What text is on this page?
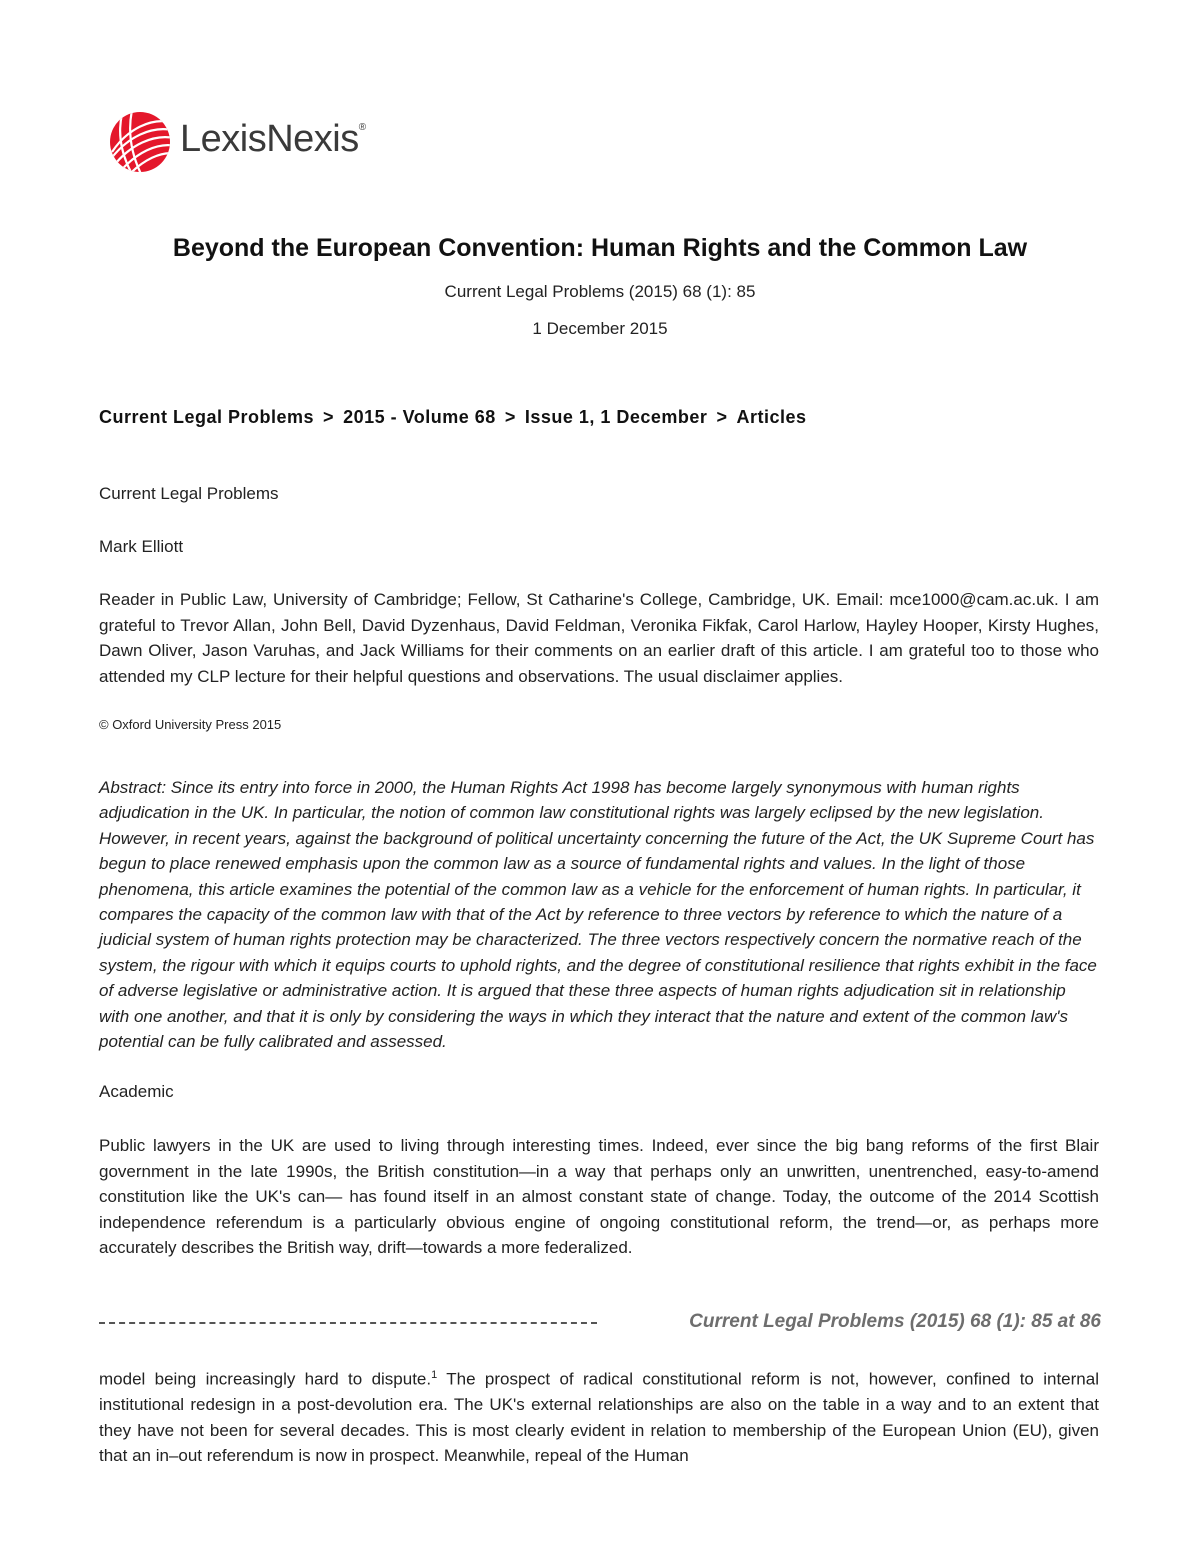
LexisNexis®
Beyond the European Convention: Human Rights and the Common Law
Current Legal Problems (2015) 68 (1): 85
1 December 2015
Current Legal Problems > 2015 - Volume 68 > Issue 1, 1 December > Articles
Current Legal Problems
Mark Elliott

Reader in Public Law, University of Cambridge; Fellow, St Catharine's College, Cambridge, UK. Email: mce1000@cam.ac.uk. I am grateful to Trevor Allan, John Bell, David Dyzenhaus, David Feldman, Veronika Fikfak, Carol Harlow, Hayley Hooper, Kirsty Hughes, Dawn Oliver, Jason Varuhas, and Jack Williams for their comments on an earlier draft of this article. I am grateful too to those who attended my CLP lecture for their helpful questions and observations. The usual disclaimer applies.

© Oxford University Press 2015

Abstract: Since its entry into force in 2000, the Human Rights Act 1998 has become largely synonymous with human rights adjudication in the UK. In particular, the notion of common law constitutional rights was largely eclipsed by the new legislation. However, in recent years, against the background of political uncertainty concerning the future of the Act, the UK Supreme Court has begun to place renewed emphasis upon the common law as a source of fundamental rights and values. In the light of those phenomena, this article examines the potential of the common law as a vehicle for the enforcement of human rights. In particular, it compares the capacity of the common law with that of the Act by reference to three vectors by reference to which the nature of a judicial system of human rights protection may be characterized. The three vectors respectively concern the normative reach of the system, the rigour with which it equips courts to uphold rights, and the degree of constitutional resilience that rights exhibit in the face of adverse legislative or administrative action. It is argued that these three aspects of human rights adjudication sit in relationship with one another, and that it is only by considering the ways in which they interact that the nature and extent of the common law's potential can be fully calibrated and assessed.

Academic

Public lawyers in the UK are used to living through interesting times. Indeed, ever since the big bang reforms of the first Blair government in the late 1990s, the British constitution—in a way that perhaps only an unwritten, unentrenched, easy-to-amend constitution like the UK's can— has found itself in an almost constant state of change. Today, the outcome of the 2014 Scottish independence referendum is a particularly obvious engine of ongoing constitutional reform, the trend—or, as perhaps more accurately describes the British way, drift—towards a more federalized.

Current Legal Problems (2015) 68 (1): 85 at 86

model being increasingly hard to dispute.$^1$ The prospect of radical constitutional reform is not, however, confined to internal institutional redesign in a post-devolution era. The UK's external relationships are also on the table in a way and to an extent that they have not been for several decades. This is most clearly evident in relation to membership of the European Union (EU), given that an in–out referendum is now in prospect. Meanwhile, repeal of the Human
